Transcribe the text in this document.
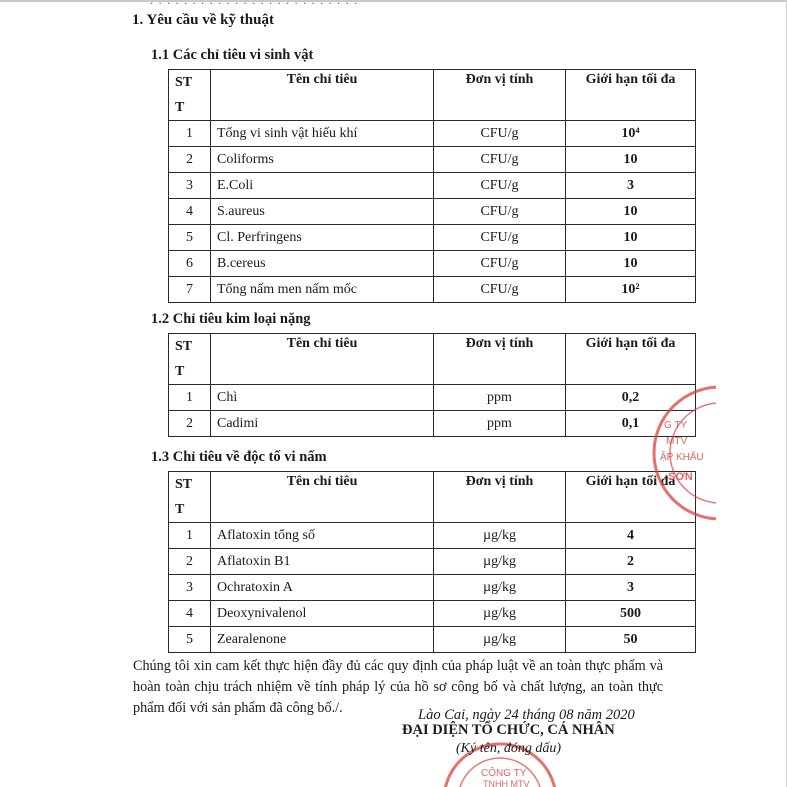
1. Yêu cầu về kỹ thuật
1.1 Các chỉ tiêu vi sinh vật
ST T	Tên chỉ tiêu	Đơn vị tính	Giới hạn tối đa
1	Tổng vi sinh vật hiếu khí	CFU/g	10⁴
2	Coliforms	CFU/g	10
3	E.Coli	CFU/g	3
4	S.aureus	CFU/g	10
5	Cl. Perfringens	CFU/g	10
6	B.cereus	CFU/g	10
7	Tổng nấm men nấm mốc	CFU/g	10²
1.2 Chỉ tiêu kim loại nặng
ST T	Tên chỉ tiêu	Đơn vị tính	Giới hạn tối đa
1	Chì	ppm	0,2
2	Cadimi	ppm	0,1
1.3 Chỉ tiêu về độc tố vi nấm
ST T	Tên chỉ tiêu	Đơn vị tính	Giới hạn tối đa
1	Aflatoxin tổng số	µg/kg	4
2	Aflatoxin B1	µg/kg	2
3	Ochratoxin A	µg/kg	3
4	Deoxynivalenol	µg/kg	500
5	Zearalenone	µg/kg	50
Chúng tôi xin cam kết thực hiện đầy đủ các quy định của pháp luật về an toàn thực phẩm và hoàn toàn chịu trách nhiệm về tính pháp lý của hồ sơ công bố và chất lượng, an toàn thực phẩm đối với sản phẩm đã công bố./.	Lào Cai, ngày 24 tháng 08 năm 2020
G TY
MTV
ẬP KHẨU
SƠN
CÔNG TY
TNHH MTV
ĐẠI DIỆN TỔ CHỨC, CÁ NHÂN
(Ký tên, đóng dấu)
